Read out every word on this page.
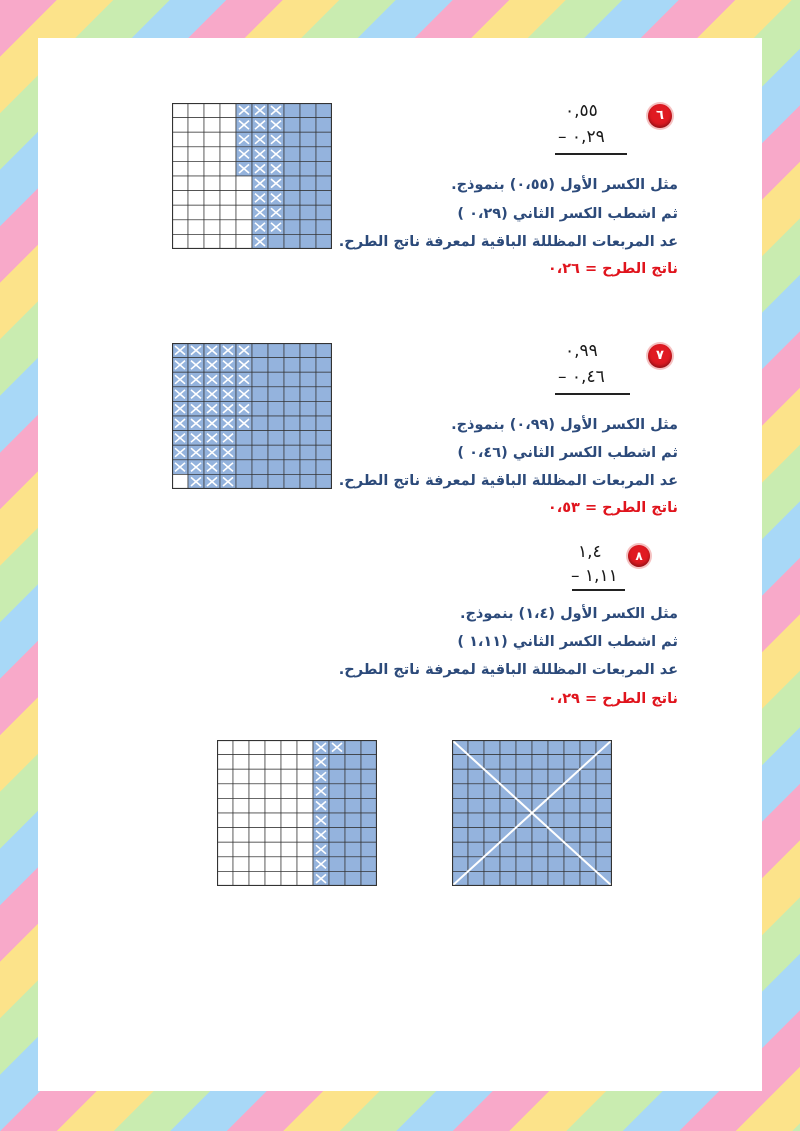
٦
٠,٥٥
٠,٢٩ –
مثل الكسر الأول (٠،٥٥) بنموذج.
ثم اشطب الكسر الثاني (٠،٢٩ )
عد المربعات المظللة الباقية لمعرفة ناتج الطرح.
ناتج الطرح = ٠،٢٦
٧
٠,٩٩
٠,٤٦ –
مثل الكسر الأول (٠،٩٩) بنموذج.
ثم اشطب الكسر الثاني (٠،٤٦ )
عد المربعات المظللة الباقية لمعرفة ناتج الطرح.
ناتج الطرح = ٠،٥٣
٨
١,٤
١,١١ –
مثل الكسر الأول (١،٤) بنموذج.
ثم اشطب الكسر الثاني (١،١١ )
عد المربعات المظللة الباقية لمعرفة ناتج الطرح.
ناتج الطرح = ٠،٢٩
